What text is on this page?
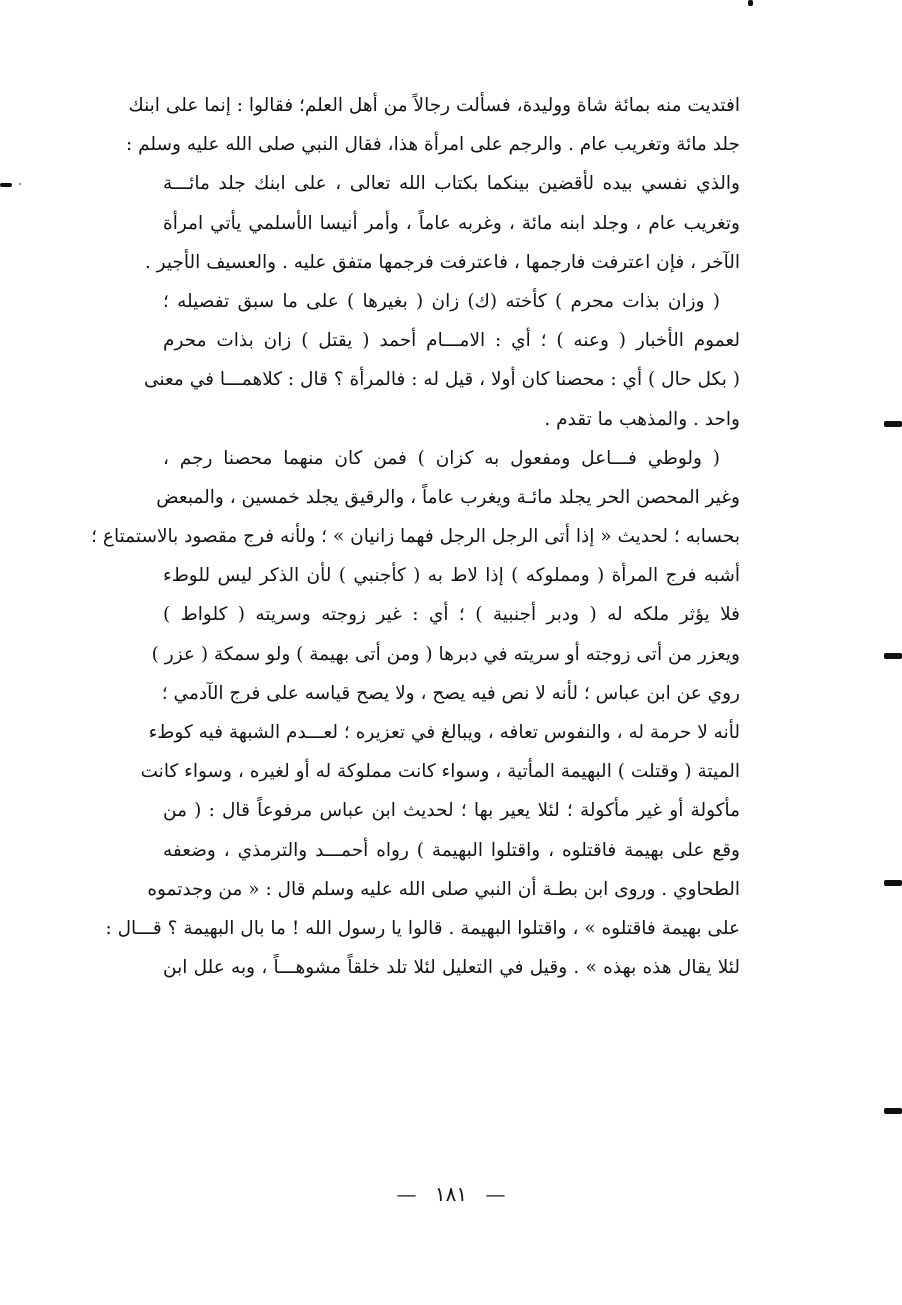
افتديت منه بمائة شاة ووليدة، فسألت رجالاً من أهل العلم؛ فقالوا : إنما على ابنك
جلد مائة وتغريب عام . والرجم على امرأة هذا، فقال النبي صلى الله عليه وسلم :
والذي نفسي بيده لأقضين بينكما بكتاب الله تعالى ، على ابنك جلد مائـــة
وتغريب عام ، وجلد ابنه مائة ، وغربه عاماً ، وأمر أنيسا الأسلمي يأتي امرأة
الآخر ، فإن اعترفت فارجمها ، فاعترفت فرجمها متفق عليه . والعسيف الأجير .
( وزان بذات محرم ) كأخته (ك) زان ( بغيرها ) على ما سبق تفصيله ؛
لعموم الأخبار ( وعنه ) ؛ أي : الامـــام أحمد ( يقتل ) زان بذات محرم
( بكل حال ) أي : محصنا كان أولا ، قيل له : فالمرأة ؟ قال : كلاهمـــا في معنى
واحد . والمذهب ما تقدم .
( ولوطي فـــاعل ومفعول به كزان ) فمن كان منهما محصنا رجم ،
وغير المحصن الحر يجلد مائـة ويغرب عاماً ، والرقيق يجلد خمسين ، والمبعض
بحسابه ؛ لحديث « إذا أتى الرجل الرجل فهما زانيان » ؛ ولأنه فرج مقصود بالاستمتاع ؛
أشبه فرج المرأة ( ومملوكه ) إذا لاط به ( كأجنبي ) لأن الذكر ليس للوطء
فلا يؤثر ملكه له ( ودبر أجنبية ) ؛ أي : غير زوجته وسريته ( كلواط )
ويعزر من أتى زوجته أو سريته في دبرها ( ومن أتى بهيمة ) ولو سمكة ( عزر )
روي عن ابن عباس ؛ لأنه لا نص فيه يصح ، ولا يصح قياسه على فرج الآدمي ؛
لأنه لا حرمة له ، والنفوس تعافه ، ويبالغ في تعزيره ؛ لعـــدم الشبهة فيه كوطء
الميتة ( وقتلت ) البهيمة المأتية ، وسواء كانت مملوكة له أو لغيره ، وسواء كانت
مأكولة أو غير مأكولة ؛ لئلا يعير بها ؛ لحديث ابن عباس مرفوعاً قال : ( من
وقع على بهيمة فاقتلوه ، واقتلوا البهيمة ) رواه أحمـــد والترمذي ، وضعفه
الطحاوي . وروى ابن بطـة أن النبي صلى الله عليه وسلم قال : « من وجدتموه
على بهيمة فاقتلوه » ، واقتلوا البهيمة . قالوا يا رسول الله ! ما بال البهيمة ؟ قـــال :
لئلا يقال هذه بهذه » . وقيل في التعليل لئلا تلد خلقاً مشوهـــاً ، وبه علل ابن
— ١٨١ —
